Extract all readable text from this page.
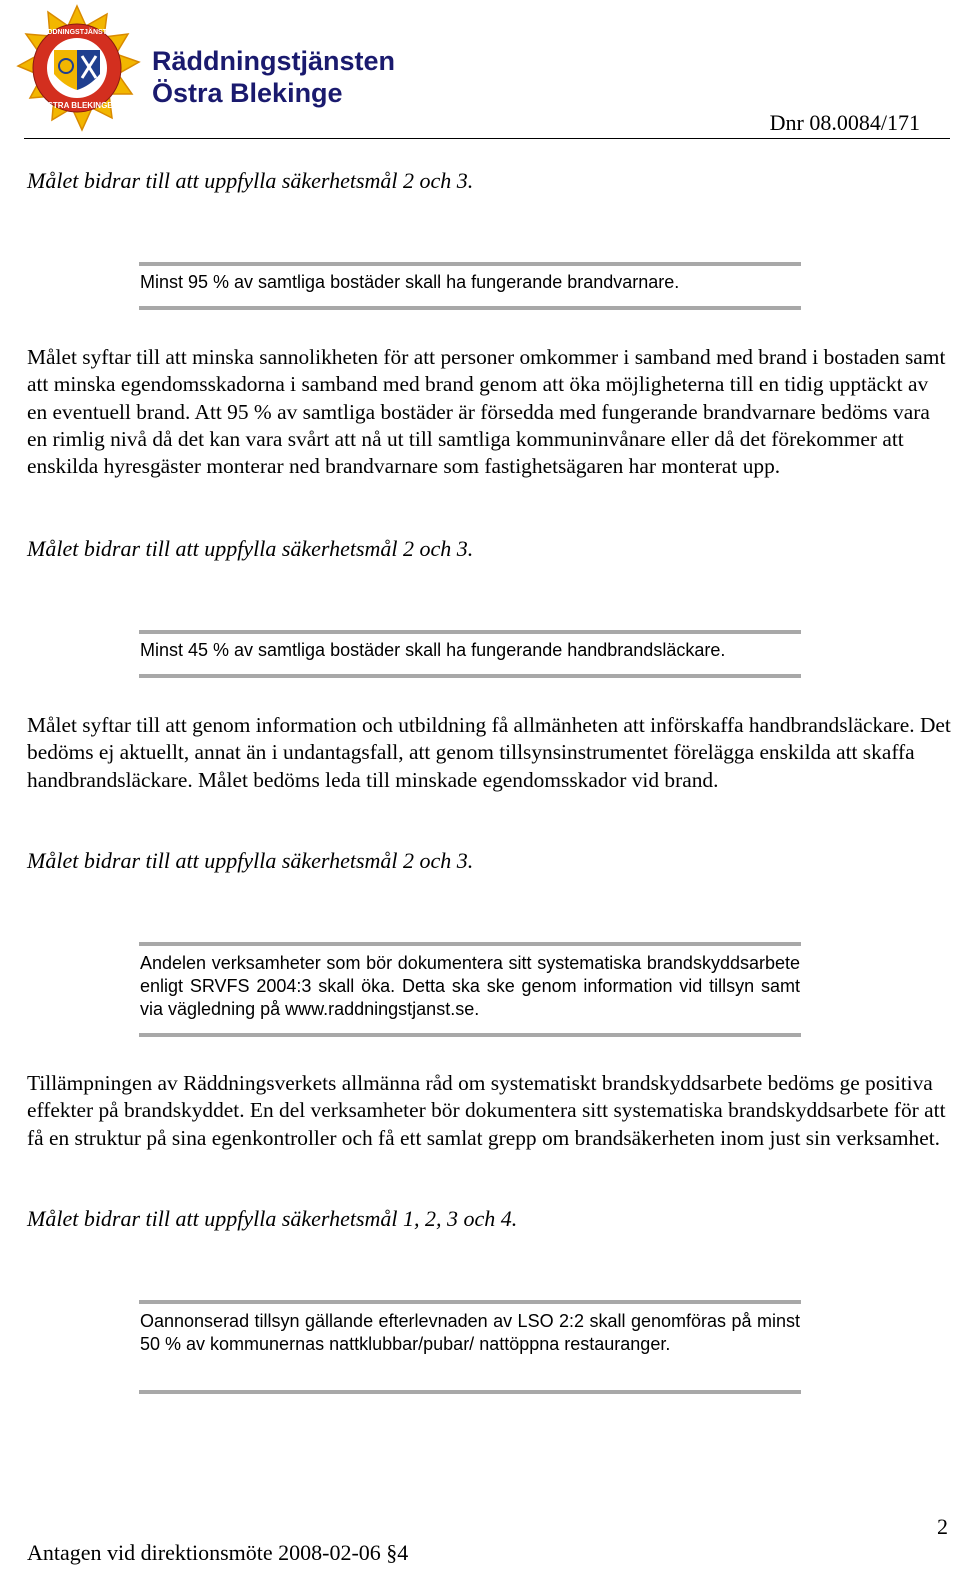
ÖSTRA BLEKINGE
RÄDDNINGSTJÄNSTEN
Räddningstjänsten
Östra Blekinge
Dnr 08.0084/171
Målet bidrar till att uppfylla säkerhetsmål 2 och 3.
Minst 95 % av samtliga bostäder skall ha fungerande brandvarnare.
Målet syftar till att minska sannolikheten för att personer omkommer i samband med brand i bostaden samt att minska egendomsskadorna i samband med brand genom att öka möjligheterna till en tidig upptäckt av en eventuell brand. Att 95 % av samtliga bostäder är försedda med fungerande brandvarnare bedöms vara en rimlig nivå då det kan vara svårt att nå ut till samtliga kommuninvånare eller då det förekommer att enskilda hyresgäster monterar ned brandvarnare som fastighetsägaren har monterat upp.
Målet bidrar till att uppfylla säkerhetsmål 2 och 3.
Minst 45 % av samtliga bostäder skall ha fungerande handbrandsläckare.
Målet syftar till att genom information och utbildning få allmänheten att införskaffa handbrandsläckare. Det bedöms ej aktuellt, annat än i undantagsfall, att genom tillsynsinstrumentet förelägga enskilda att skaffa handbrandsläckare. Målet bedöms leda till minskade egendomsskador vid brand.
Målet bidrar till att uppfylla säkerhetsmål 2 och 3.
Andelen verksamheter som bör dokumentera sitt systematiska brandskyddsarbete enligt SRVFS 2004:3 skall öka. Detta ska ske genom information vid tillsyn samt via vägledning på www.raddningstjanst.se.
Tillämpningen av Räddningsverkets allmänna råd om systematiskt brandskyddsarbete bedöms ge positiva effekter på brandskyddet. En del verksamheter bör dokumentera sitt systematiska brandskyddsarbete för att få en struktur på sina egenkontroller och få ett samlat grepp om brandsäkerheten inom just sin verksamhet.
Målet bidrar till att uppfylla säkerhetsmål 1, 2, 3 och 4.
Oannonserad tillsyn gällande efterlevnaden av LSO 2:2 skall genomföras på minst 50 % av kommunernas nattklubbar/pubar/ nattöppna restauranger.
2
Antagen vid direktionsmöte 2008-02-06 §4
